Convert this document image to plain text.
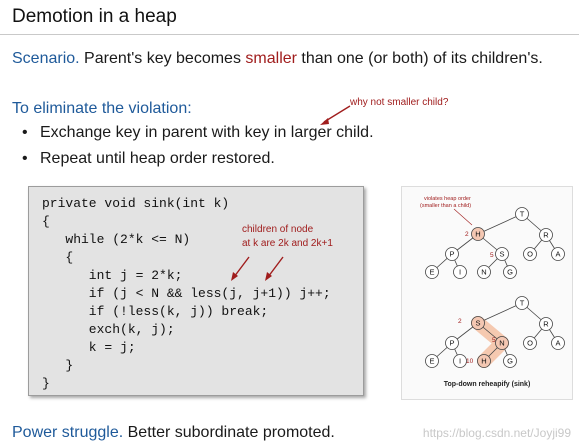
Demotion in a heap
Scenario. Parent's key becomes smaller than one (or both) of its children's.
To eliminate the violation:	why not smaller child?
• Exchange key in parent with key in larger child.
• Repeat until heap order restored.
private void sink(int k)
{
while (2*k <= N)
{
int j = 2*k;
if (j < N && less(j, j+1)) j++;
if (!less(k, j)) break;
exch(k, j);
k = j;
}
}
children of node
at k are 2k and 2k+1
T
H	R
P	S	O	A
E	I	N	G
2
5
violates heap order
(smaller than a child)
T
S	R
P	N	O	A
E	I	H	G
2
5
10
Top-down reheapify (sink)
Power struggle. Better subordinate promoted.	https://blog.csdn.net/Joyji99
